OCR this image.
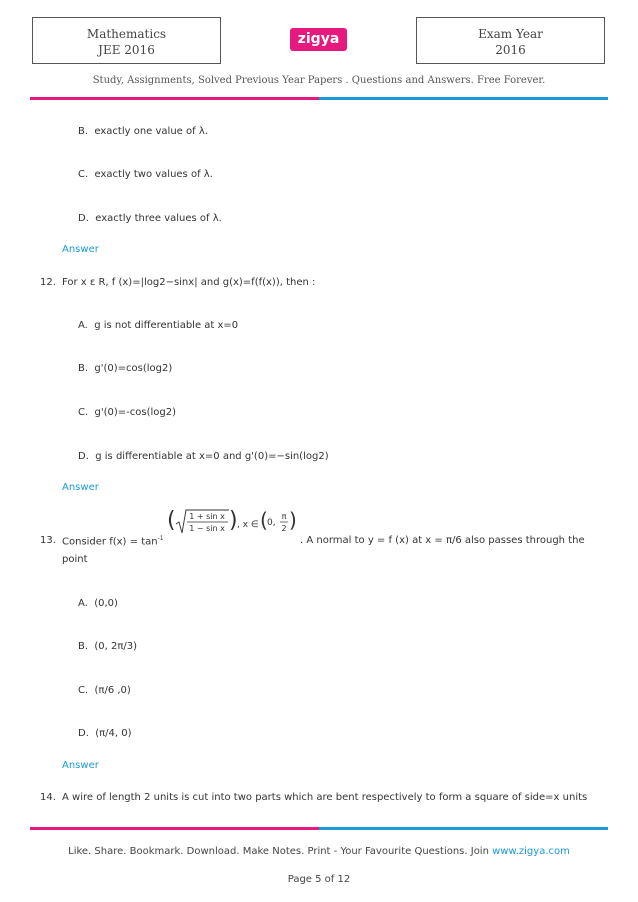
Mathematics
JEE 2016
zigya	Exam Year
2016
Study, Assignments, Solved Previous Year Papers . Questions and Answers. Free Forever.
B. exactly one value of λ.
C. exactly two values of λ.
D. exactly three values of λ.
Answer
12. For x ε R, f (x)=|log2−sinx| and g(x)=f(f(x)), then :
A. g is not differentiable at x=0
B. g'(0)=cos(log2)
C. g'(0)=-cos(log2)
D. g is differentiable at x=0 and g'(0)=−sin(log2)
Answer
13. Consider $f(x) = \tan^{-1}$
( 1 + sin x
1 − sin x ) , x ∈ ( 0,
π
2 )
. A normal to y = f (x) at x = π/6 also passes through the
point
A. (0,0)
B. (0, 2π/3)
C. (π/6 ,0)
D. (π/4, 0)
Answer
14. A wire of length 2 units is cut into two parts which are bent respectively to form a square of side=x units
Like. Share. Bookmark. Download. Make Notes. Print - Your Favourite Questions. Join www.zigya.com
Page 5 of 12
